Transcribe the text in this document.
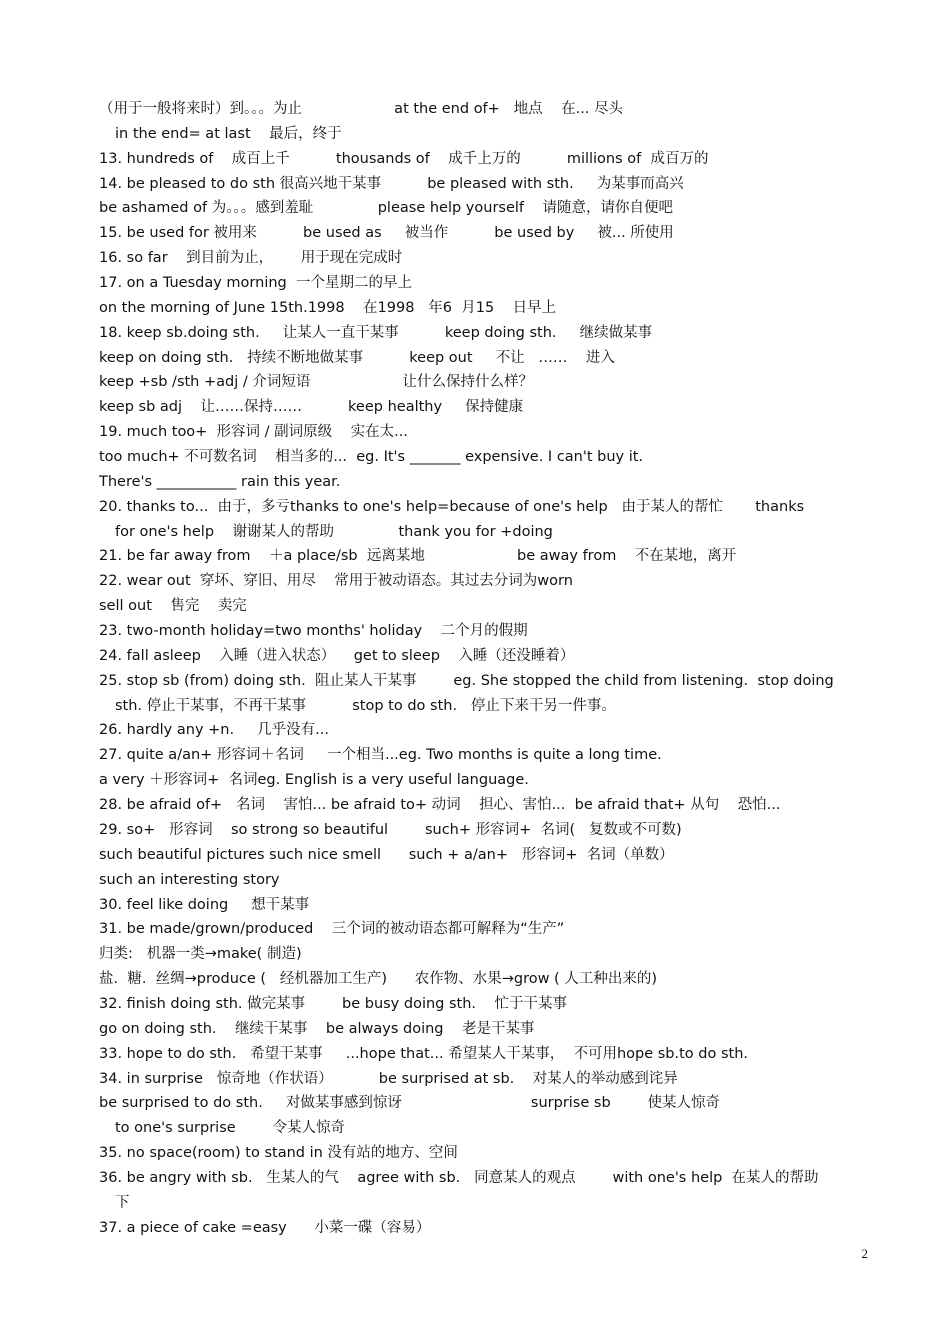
（用于一般将来时）到。。。为止                    at the end of+   地点    在... 尽头
in the end= at last    最后，终于
13. hundreds of    成百上千          thousands of    成千上万的          millions of  成百万的
14. be pleased to do sth 很高兴地干某事          be pleased with sth.     为某事而高兴
be ashamed of 为。。。感到羞耻              please help yourself    请随意，请你自便吧
15. be used for 被用来          be used as     被当作          be used by     被... 所使用
16. so far    到目前为止，      用于现在完成时
17. on a Tuesday morning  一个星期二的早上
on the morning of June 15th.1998    在1998   年6  月15    日早上
18. keep sb.doing sth.     让某人一直干某事          keep doing sth.     继续做某事
keep on doing sth.   持续不断地做某事          keep out     不让   ……    进入
keep +sb /sth +adj / 介词短语                    让什么保持什么样？
keep sb adj    让……保持……          keep healthy     保持健康
19. much too+  形容词 / 副词原级    实在太...
too much+ 不可数名词    相当多的...  eg. It's _______ expensive. I can't buy it.
There's ___________ rain this year.
20. thanks to...  由于，多亏thanks to one's help=because of one's help   由于某人的帮忙       thanks
for one's help    谢谢某人的帮助              thank you for +doing
21. be far away from    ＋a place/sb  远离某地                    be away from    不在某地，离开
22. wear out  穿坏、穿旧、用尽    常用于被动语态。其过去分词为worn
sell out    售完    卖完
23. two-month holiday=two months' holiday    二个月的假期
24. fall asleep    入睡（进入状态）    get to sleep    入睡（还没睡着）
25. stop sb (from) doing sth.  阻止某人干某事        eg. She stopped the child from listening.  stop doing
sth. 停止干某事，不再干某事          stop to do sth.   停止下来干另一件事。
26. hardly any +n.     几乎没有...
27. quite a/an+ 形容词＋名词     一个相当...eg. Two months is quite a long time.
a very ＋形容词+  名词eg. English is a very useful language.
28. be afraid of+   名词    害怕... be afraid to+ 动词    担心、害怕...  be afraid that+ 从句    恐怕...
29. so+   形容词    so strong so beautiful        such+ 形容词+  名词(   复数或不可数)
such beautiful pictures such nice smell      such + a/an+   形容词+  名词（单数）
such an interesting story
30. feel like doing     想干某事
31. be made/grown/produced    三个词的被动语态都可解释为“生产”
归类:   机器一类→make( 制造)
盐.  糖.  丝绸→produce (   经机器加工生产)      农作物、水果→grow ( 人工种出来的)
32. finish doing sth. 做完某事        be busy doing sth.    忙于干某事
go on doing sth.    继续干某事    be always doing    老是干某事
33. hope to do sth.   希望干某事     ...hope that... 希望某人干某事，  不可用hope sb.to do sth.
34. in surprise   惊奇地（作状语）          be surprised at sb.    对某人的举动感到诧异
be surprised to do sth.     对做某事感到惊讶                            surprise sb        使某人惊奇
to one's surprise        令某人惊奇
35. no space(room) to stand in 没有站的地方、空间
36. be angry with sb.   生某人的气    agree with sb.   同意某人的观点        with one's help  在某人的帮助
下
37. a piece of cake =easy      小菜一碟（容易）
2
